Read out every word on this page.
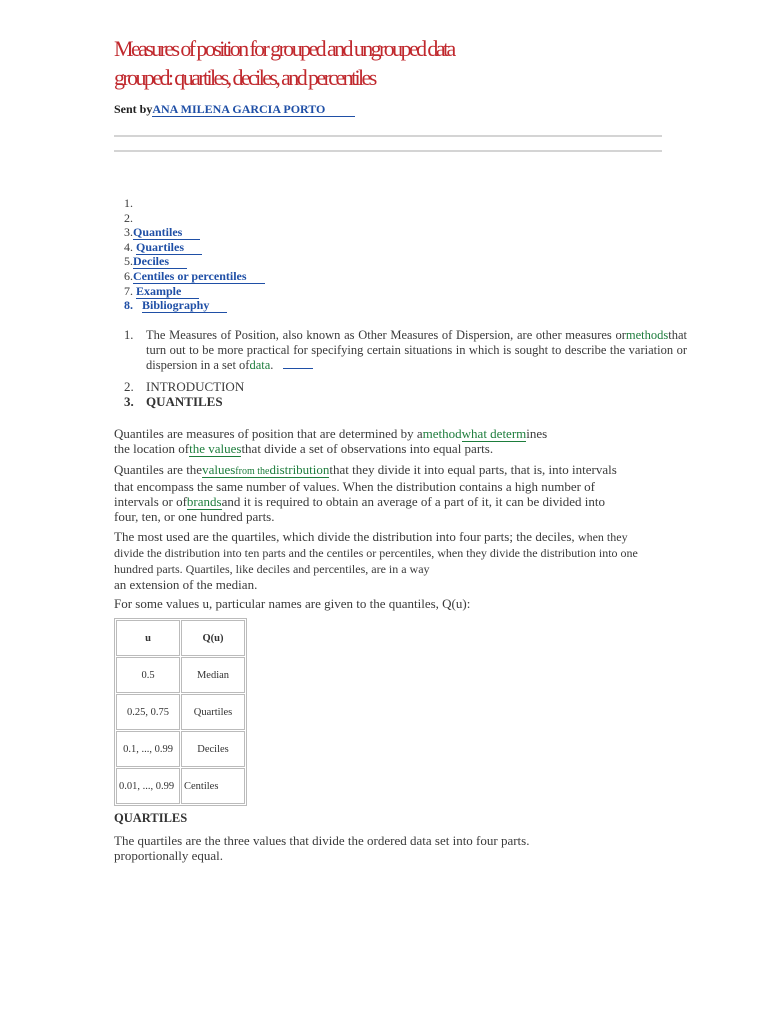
Measures of position for grouped and ungrouped data
grouped: quartiles, deciles, and percentiles
Sent byANA MILENA GARCIA PORTO
1.
2.
3.Quantiles
4. Quartiles
5.Deciles
6.Centiles or percentiles
7. Example
8. Bibliography
1. The Measures of Position, also known as Other Measures of Dispersion, are other measures ormethodsthat turn out to be more practical for specifying certain situations in which is sought to describe the variation or dispersion in a set ofdata.
2. INTRODUCTION
3. QUANTILES
Quantiles are measures of position that are determined by amethodwhat determines
the location ofthe valuesthat divide a set of observations into equal parts.
Quantiles are thevaluesfrom thedistributionthat they divide it into equal parts, that is, into intervals that encompass the same number of values. When the distribution contains a high number of intervals or ofbrandsand it is required to obtain an average of a part of it, it can be divided into four, ten, or one hundred parts.
The most used are the quartiles, which divide the distribution into four parts; the deciles, when they divide the distribution into ten parts and the centiles or percentiles, when they divide the distribution into one hundred parts. Quartiles, like deciles and percentiles, are in a way
an extension of the median.
For some values u, particular names are given to the quantiles, Q(u):
u	Q(u)
0.5	Median
0.25, 0.75	Quartiles
0.1, ..., 0.99	Deciles
0.01, ..., 0.99	Centiles
QUARTILES
The quartiles are the three values that divide the ordered data set into four parts. proportionally equal.
